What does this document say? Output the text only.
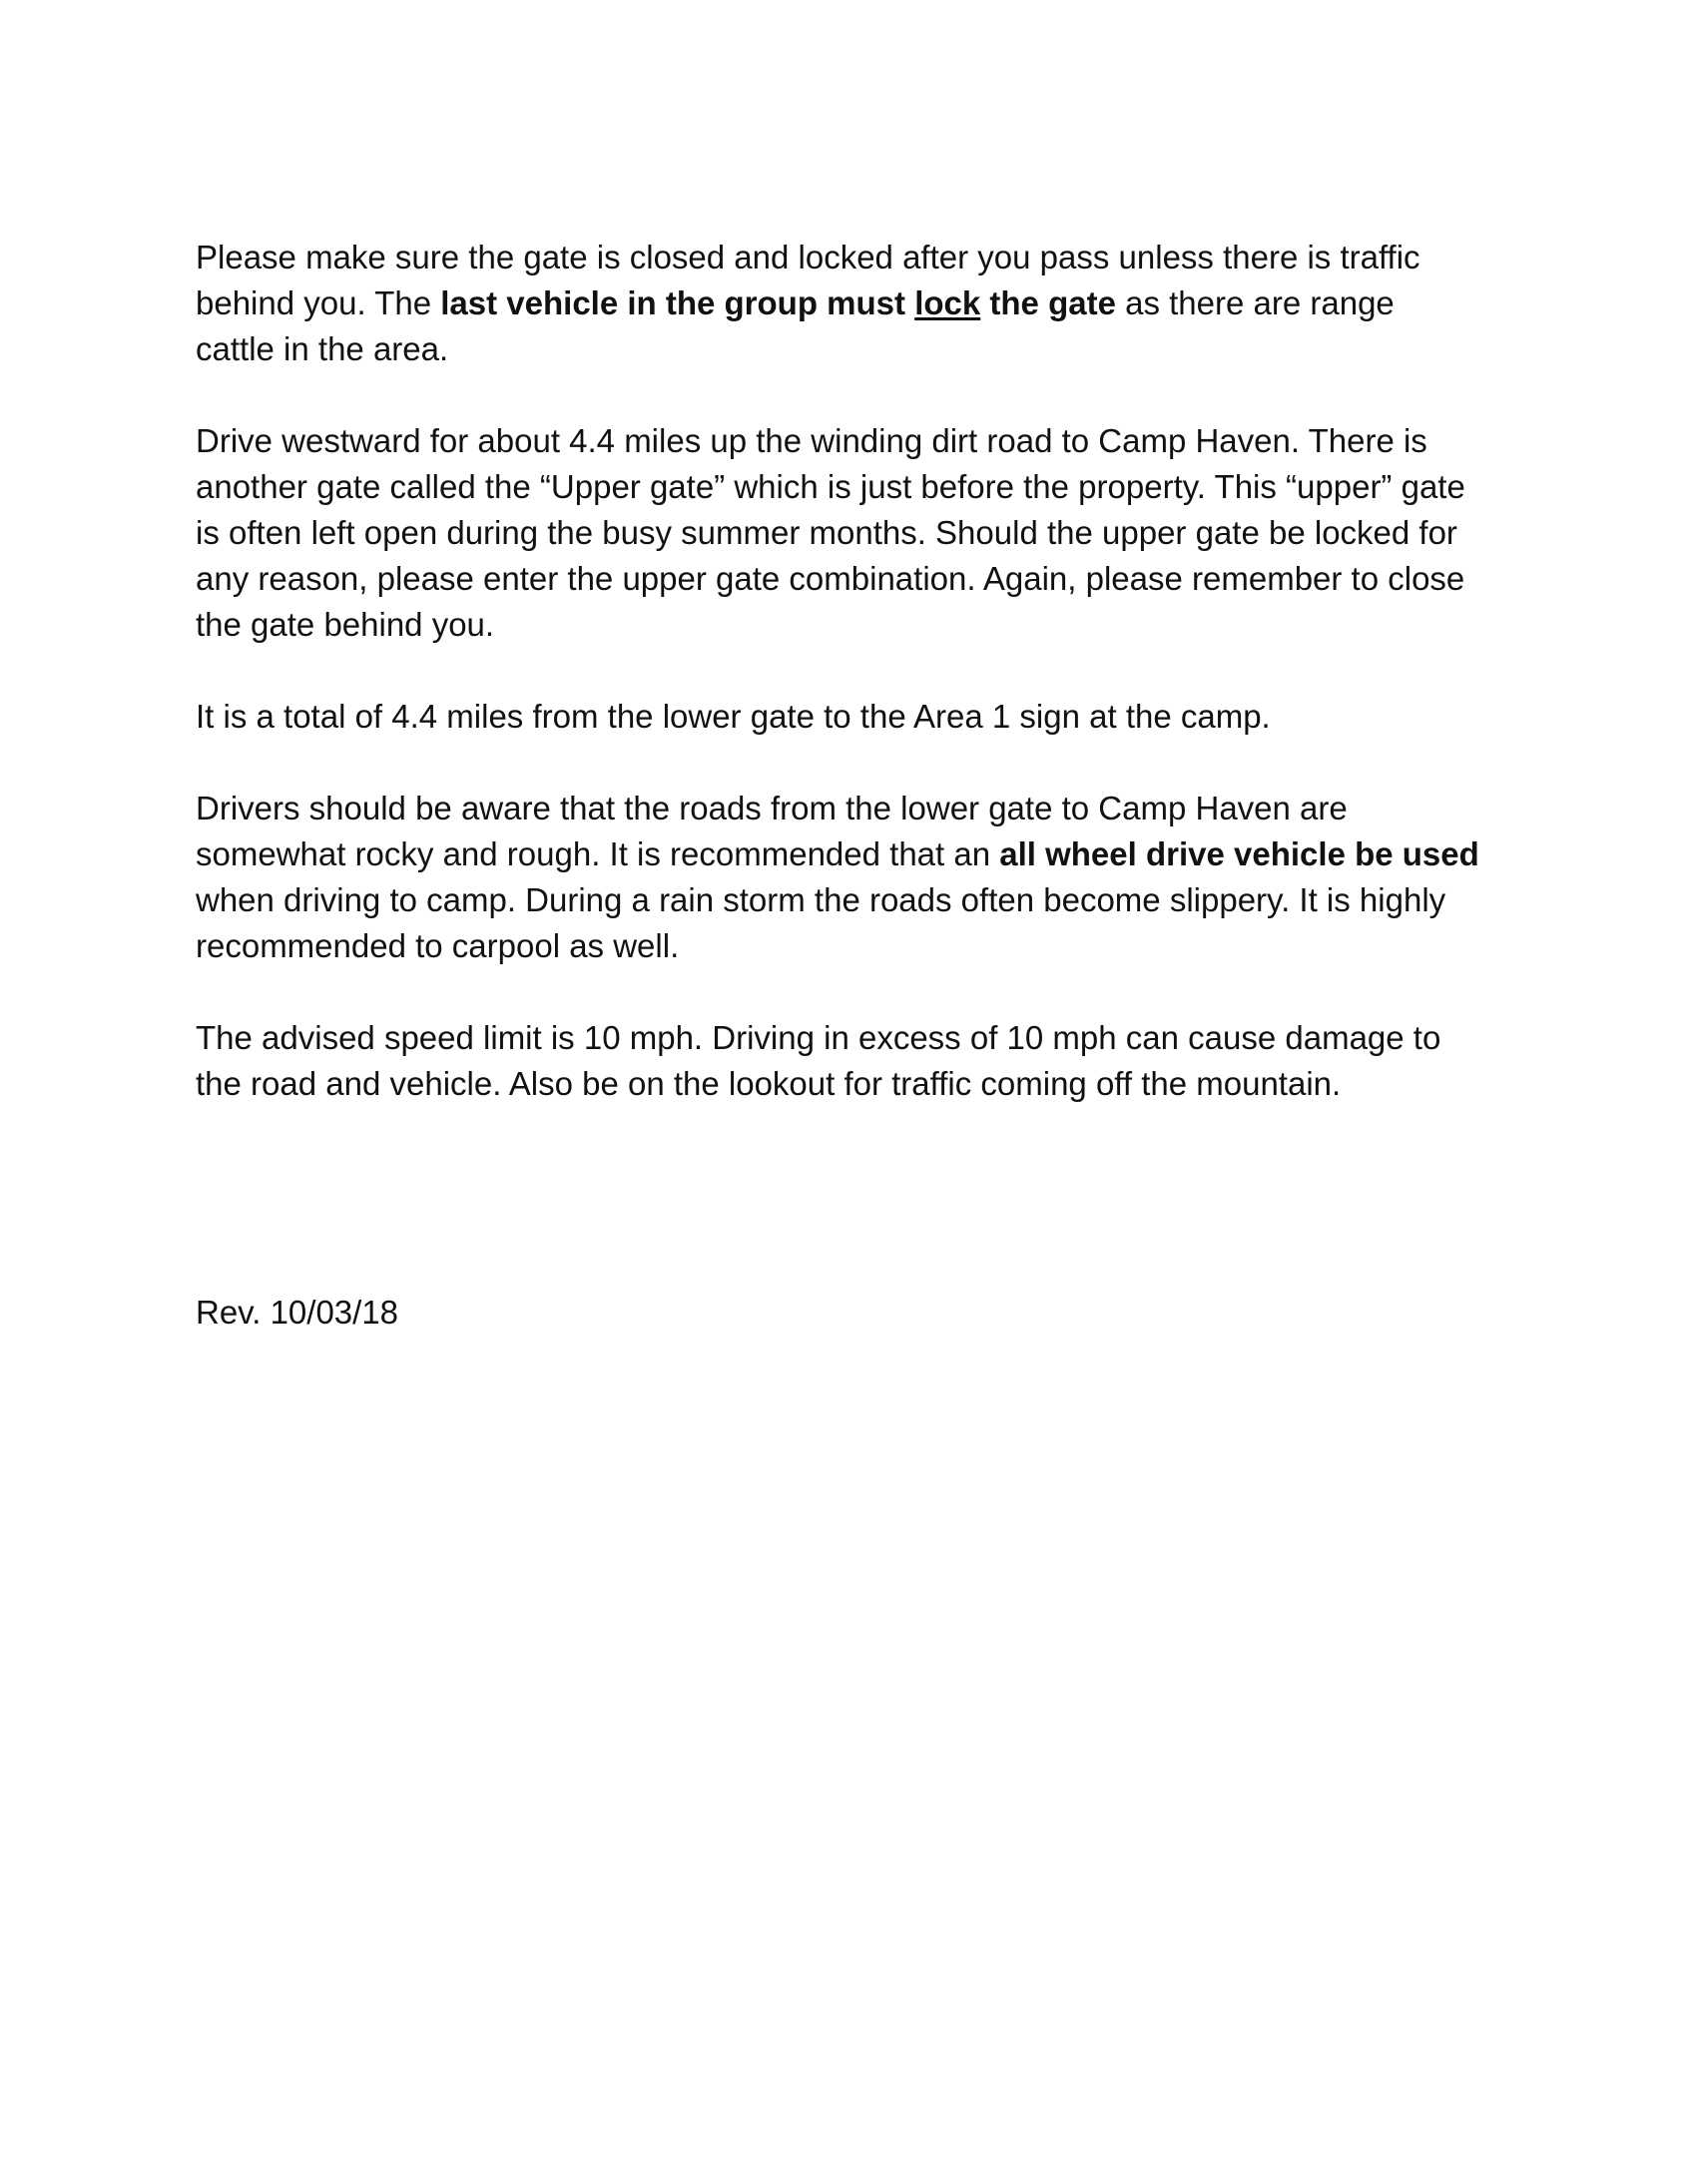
Please make sure the gate is closed and locked after you pass unless there is traffic
behind you. The last vehicle in the group must lock the gate as there are range
cattle in the area.

Drive westward for about 4.4 miles up the winding dirt road to Camp Haven. There is
another gate called the “Upper gate” which is just before the property. This “upper” gate
is often left open during the busy summer months. Should the upper gate be locked for
any reason, please enter the upper gate combination. Again, please remember to close
the gate behind you.

It is a total of 4.4 miles from the lower gate to the Area 1 sign at the camp.

Drivers should be aware that the roads from the lower gate to Camp Haven are
somewhat rocky and rough. It is recommended that an all wheel drive vehicle be used
when driving to camp. During a rain storm the roads often become slippery. It is highly
recommended to carpool as well.

The advised speed limit is 10 mph. Driving in excess of 10 mph can cause damage to
the road and vehicle. Also be on the lookout for traffic coming off the mountain.

Rev. 10/03/18
